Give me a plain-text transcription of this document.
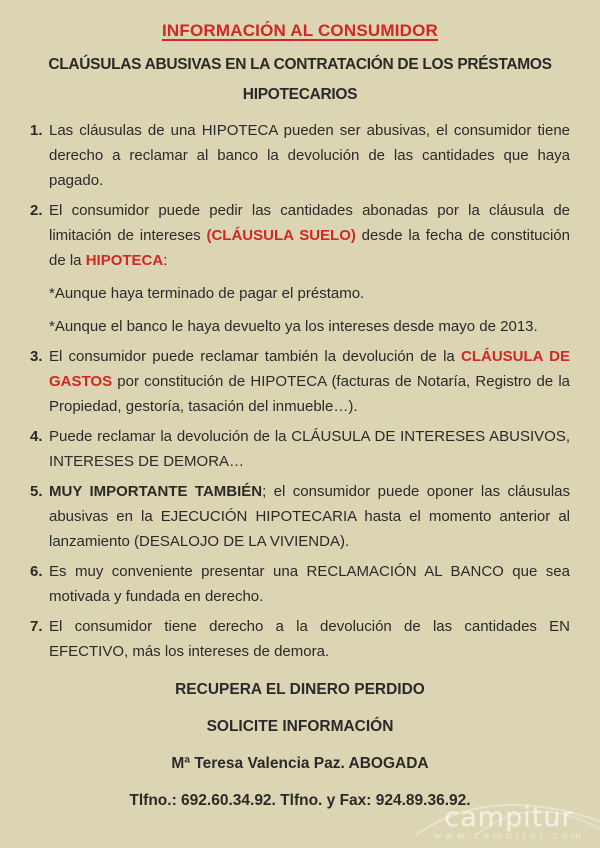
INFORMACIÓN AL CONSUMIDOR
CLAÚSULAS ABUSIVAS EN LA CONTRATACIÓN DE LOS PRÉSTAMOS HIPOTECARIOS
1. Las cláusulas de una HIPOTECA pueden ser abusivas, el consumidor tiene derecho a reclamar al banco la devolución de las cantidades que haya pagado.
2. El consumidor puede pedir las cantidades abonadas por la cláusula de limitación de intereses (CLÁUSULA SUELO) desde la fecha de constitución de la HIPOTECA:
*Aunque haya terminado de pagar el préstamo.
*Aunque el banco le haya devuelto ya los intereses desde mayo de 2013.
3. El consumidor puede reclamar también la devolución de la CLÁUSULA DE GASTOS por constitución de HIPOTECA (facturas de Notaría, Registro de la Propiedad, gestoría, tasación del inmueble…).
4. Puede reclamar la devolución de la CLÁUSULA DE INTERESES ABUSIVOS, INTERESES DE DEMORA…
5. MUY IMPORTANTE TAMBIÉN; el consumidor puede oponer las cláusulas abusivas en la EJECUCIÓN HIPOTECARIA hasta el momento anterior al lanzamiento (DESALOJO DE LA VIVIENDA).
6. Es muy conveniente presentar una RECLAMACIÓN AL BANCO que sea motivada y fundada en derecho.
7. El consumidor tiene derecho a la devolución de las cantidades EN EFECTIVO, más los intereses de demora.
RECUPERA EL DINERO PERDIDO
SOLICITE INFORMACIÓN
Mª Teresa Valencia Paz. ABOGADA
Tlfno.: 692.60.34.92. Tlfno. y Fax: 924.89.36.92.
campitur
www.campitur.com
